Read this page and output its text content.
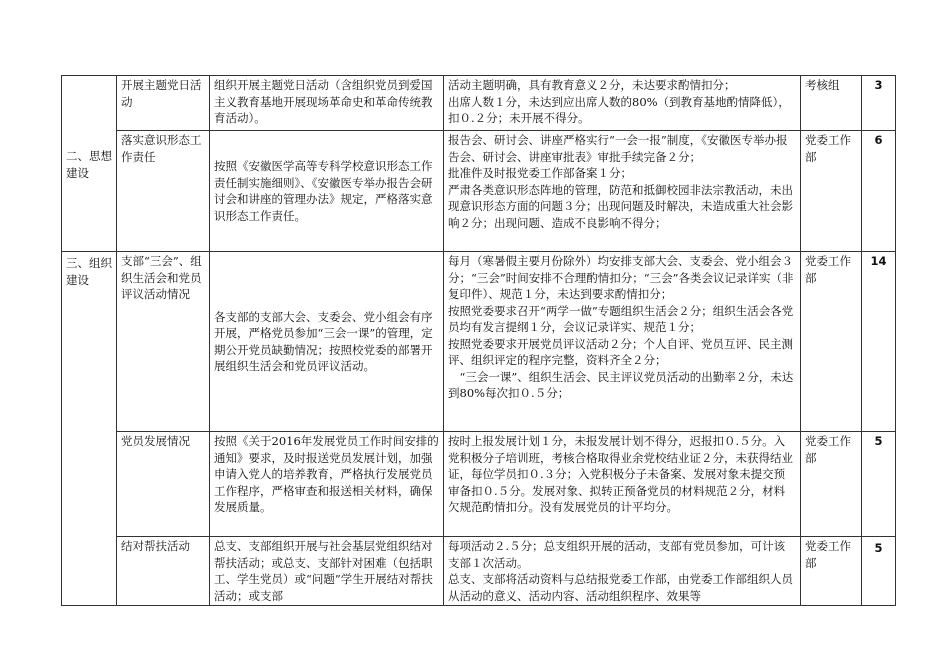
二、思想建设	开展主题党日活动	组织开展主题党日活动（含组织党员到爱国主义教育基地开展现场革命史和革命传统教育活动）。	活动主题明确，具有教育意义２分，未达要求酌情扣分；
出席人数１分，未达到应出席人数的80%（到教育基地酌情降低），扣０.２分；未开展不得分。	考核组	3
	落实意识形态工作责任	按照《安徽医学高等专科学校意识形态工作责任制实施细则》、《安徽医专举办报告会研讨会和讲座的管理办法》规定，严格落实意识形态工作责任。	报告会、研讨会、讲座严格实行“一会一报”制度，《安徽医专举办报告会、研讨会、讲座审批表》审批手续完备２分；
批准件及时报党委工作部备案１分；
严肃各类意识形态阵地的管理，防范和抵御校园非法宗教活动，未出现意识形态方面的问题３分；出现问题及时解决，未造成重大社会影响２分；出现问题、造成不良影响不得分；	党委工作部	6
三、组织建设	支部“三会”、组织生活会和党员评议活动情况	各支部的支部大会、支委会、党小组会有序开展，严格党员参加“三会一课”的管理，定期公开党员缺勤情况；按照校党委的部署开展组织生活会和党员评议活动。	每月（寒暑假主要月份除外）均安排支部大会、支委会、党小组会３分；“三会”时间安排不合理酌情扣分；“三会”各类会议记录详实（非复印件）、规范１分，未达到要求酌情扣分；
按照党委要求召开“两学一做”专题组织生活会２分；组织生活会各党员均有发言提纲１分，会议记录详实、规范１分；
按照党委要求开展党员评议活动２分；个人自评、党员互评、民主测评、组织评定的程序完整，资料齐全２分；
　“三会一课”、组织生活会、民主评议党员活动的出勤率２分，未达到80%每次扣０.５分；	党委工作部	14
	党员发展情况	按照《关于2016年发展党员工作时间安排的通知》要求，及时报送党员发展计划，加强申请入党人的培养教育，严格执行发展党员工作程序，严格审查和报送相关材料，确保发展质量。	按时上报发展计划１分，未报发展计划不得分，迟报扣０.５分。入党积极分子培训班，考核合格取得业余党校结业证２分，未获得结业证，每位学员扣０.３分；入党积极分子未备案、发展对象未提交预审备扣０.５分。发展对象、拟转正预备党员的材料规范２分，材料欠规范酌情扣分。没有发展党员的计平均分。	党委工作部	5
	结对帮扶活动	总支、支部组织开展与社会基层党组织结对帮扶活动；或总支、支部针对困难（包括职工、学生党员）或“问题”学生开展结对帮扶活动；或支部	每项活动２.５分；总支组织开展的活动，支部有党员参加，可计该支部１次活动。
总支、支部将活动资料与总结报党委工作部，由党委工作部组织人员从活动的意义、活动内容、活动组织程序、效果等	党委工作部	5
